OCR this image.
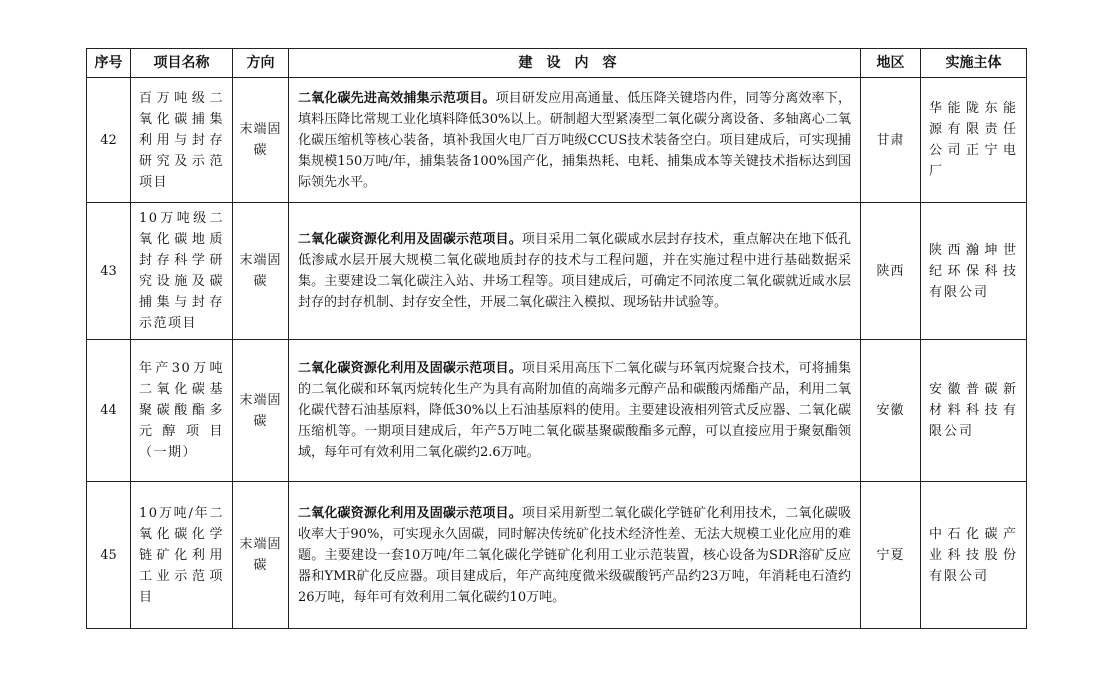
序号	项目名称	方向	建设内容	地区	实施主体
42	百万吨级二氧化碳捕集利用与封存研究及示范项目	末端固碳	二氧化碳先进高效捕集示范项目。项目研发应用高通量、低压降关键塔内件，同等分离效率下，填料压降比常规工业化填料降低30%以上。研制超大型紧凑型二氧化碳分离设备、多轴离心二氧化碳压缩机等核心装备，填补我国火电厂百万吨级CCUS技术装备空白。项目建成后，可实现捕集规模150万吨/年，捕集装备100%国产化，捕集热耗、电耗、捕集成本等关键技术指标达到国际领先水平。	甘肃	华能陇东能源有限责任公司正宁电厂
43	10万吨级二氧化碳地质封存科学研究设施及碳捕集与封存示范项目	末端固碳	二氧化碳资源化利用及固碳示范项目。项目采用二氧化碳咸水层封存技术，重点解决在地下低孔低渗咸水层开展大规模二氧化碳地质封存的技术与工程问题，并在实施过程中进行基础数据采集。主要建设二氧化碳注入站、井场工程等。项目建成后，可确定不同浓度二氧化碳就近咸水层封存的封存机制、封存安全性，开展二氧化碳注入模拟、现场钻井试验等。	陕西	陕西瀚坤世纪环保科技有限公司
44	年产30万吨二氧化碳基聚碳酸酯多元醇项目（一期）	末端固碳	二氧化碳资源化利用及固碳示范项目。项目采用高压下二氧化碳与环氧丙烷聚合技术，可将捕集的二氧化碳和环氧丙烷转化生产为具有高附加值的高端多元醇产品和碳酸丙烯酯产品，利用二氧化碳代替石油基原料，降低30%以上石油基原料的使用。主要建设液相列管式反应器、二氧化碳压缩机等。一期项目建成后，年产5万吨二氧化碳基聚碳酸酯多元醇，可以直接应用于聚氨酯领域，每年可有效利用二氧化碳约2.6万吨。	安徽	安徽普碳新材料科技有限公司
45	10万吨/年二氧化碳化学链矿化利用工业示范项目	末端固碳	二氧化碳资源化利用及固碳示范项目。项目采用新型二氧化碳化学链矿化利用技术，二氧化碳吸收率大于90%，可实现永久固碳，同时解决传统矿化技术经济性差、无法大规模工业化应用的难题。主要建设一套10万吨/年二氧化碳化学链矿化利用工业示范装置，核心设备为SDR溶矿反应器和YMR矿化反应器。项目建成后，年产高纯度微米级碳酸钙产品约23万吨，年消耗电石渣约26万吨，每年可有效利用二氧化碳约10万吨。	宁夏	中石化碳产业科技股份有限公司
